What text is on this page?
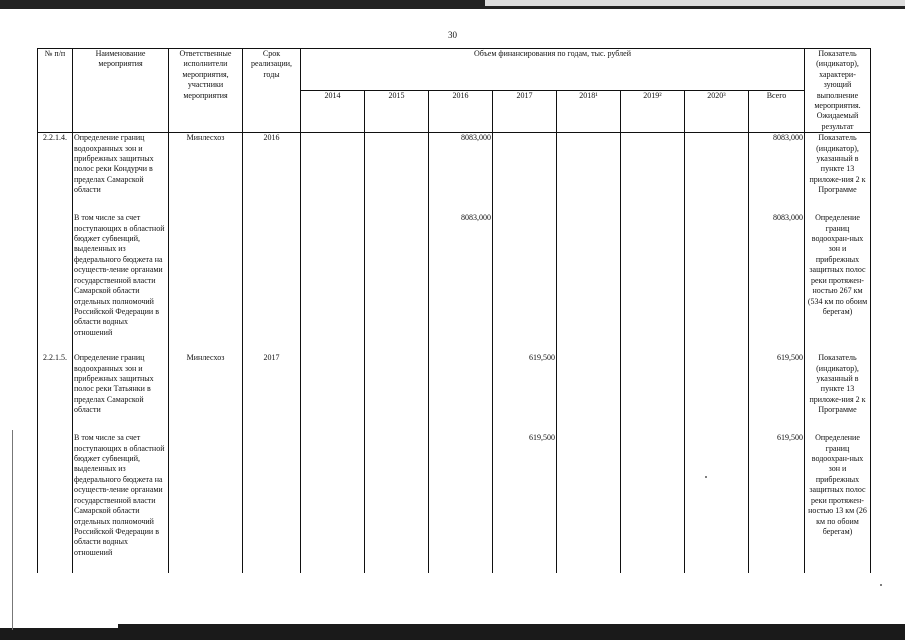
30
№ п/п	Наименование мероприятия	Ответственные исполнители мероприятия, участники мероприятия	Срок реализации, годы	Объем финансирования по годам, тыс. рублей								Показатель (индикатор), характери-зующий выполнение мероприятия. Ожидаемый результат
				2014	2015	2016	2017	2018¹	2019²	2020³	Всего	
2.2.1.4.	Определение границ водоохранных зон и прибрежных защитных полос реки Кондурчи в пределах Самарской области	Минлесхоз	2016			8083,000					8083,000	Показатель (индикатор), указанный в пункте 13 приложе-ния 2 к Программе
	В том числе за счет поступающих в областной бюджет субвенций, выделенных из федерального бюджета на осуществ-ление органами государственной власти Самарской области отдельных полномочий Российской Федерации в области водных отношений					8083,000					8083,000	Определение границ водоохран-ных зон и прибрежных защитных полос реки протяжен-ностью 267 км (534 км по обоим берегам)
2.2.1.5.	Определение границ водоохранных зон и прибрежных защитных полос реки Татьянки в пределах Самарской области	Минлесхоз	2017				619,500				619,500	Показатель (индикатор), указанный в пункте 13 приложе-ния 2 к Программе
	В том числе за счет поступающих в областной бюджет субвенций, выделенных из федерального бюджета на осуществ-ление органами государственной власти Самарской области отдельных полномочий Российской Федерации в области водных отношений						619,500				619,500	Определение границ водоохран-ных зон и прибрежных защитных полос реки протяжен-ностью 13 км (26 км по обоим берегам)
